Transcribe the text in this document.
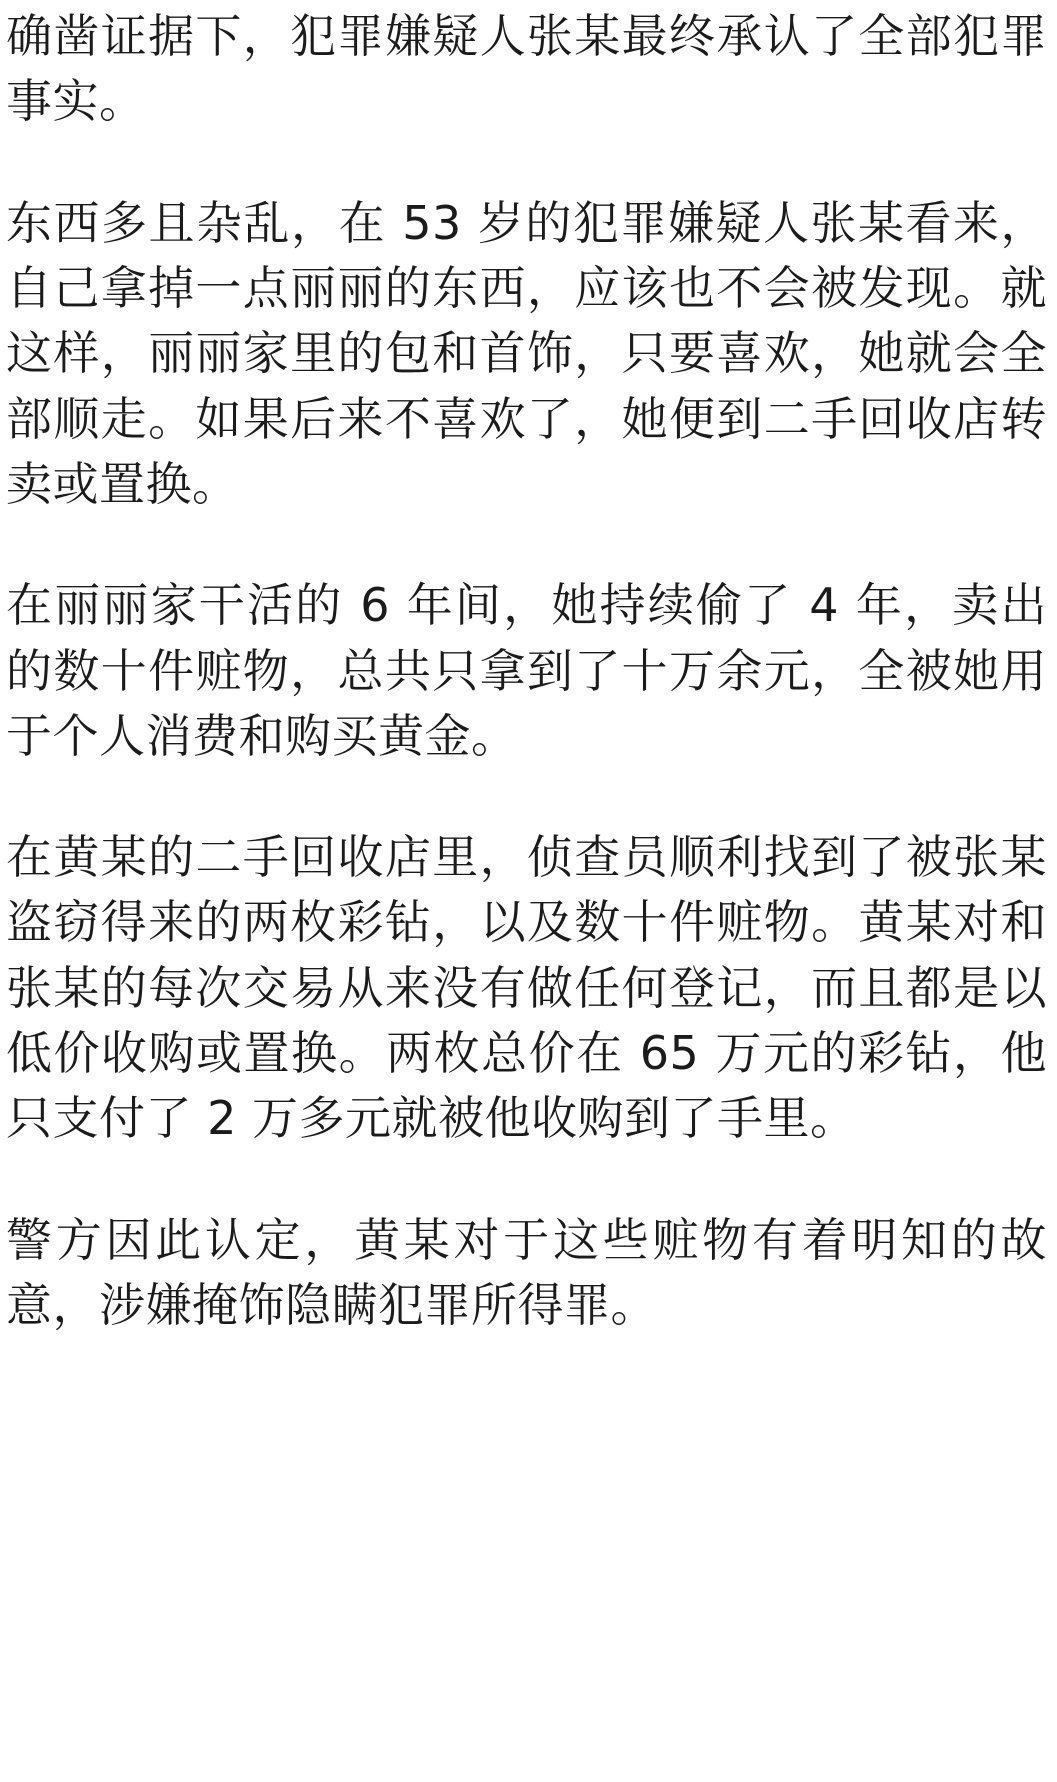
确凿证据下，犯罪嫌疑人张某最终承认了全部犯罪事实。

东西多且杂乱，在 53 岁的犯罪嫌疑人张某看来，自己拿掉一点丽丽的东西，应该也不会被发现。就这样，丽丽家里的包和首饰，只要喜欢，她就会全部顺走。如果后来不喜欢了，她便到二手回收店转卖或置换。

在丽丽家干活的 6 年间，她持续偷了 4 年，卖出的数十件赃物，总共只拿到了十万余元，全被她用于个人消费和购买黄金。

在黄某的二手回收店里，侦查员顺利找到了被张某盗窃得来的两枚彩钻，以及数十件赃物。黄某对和张某的每次交易从来没有做任何登记，而且都是以低价收购或置换。两枚总价在 65 万元的彩钻，他只支付了 2 万多元就被他收购到了手里。

警方因此认定，黄某对于这些赃物有着明知的故意，涉嫌掩饰隐瞒犯罪所得罪。
